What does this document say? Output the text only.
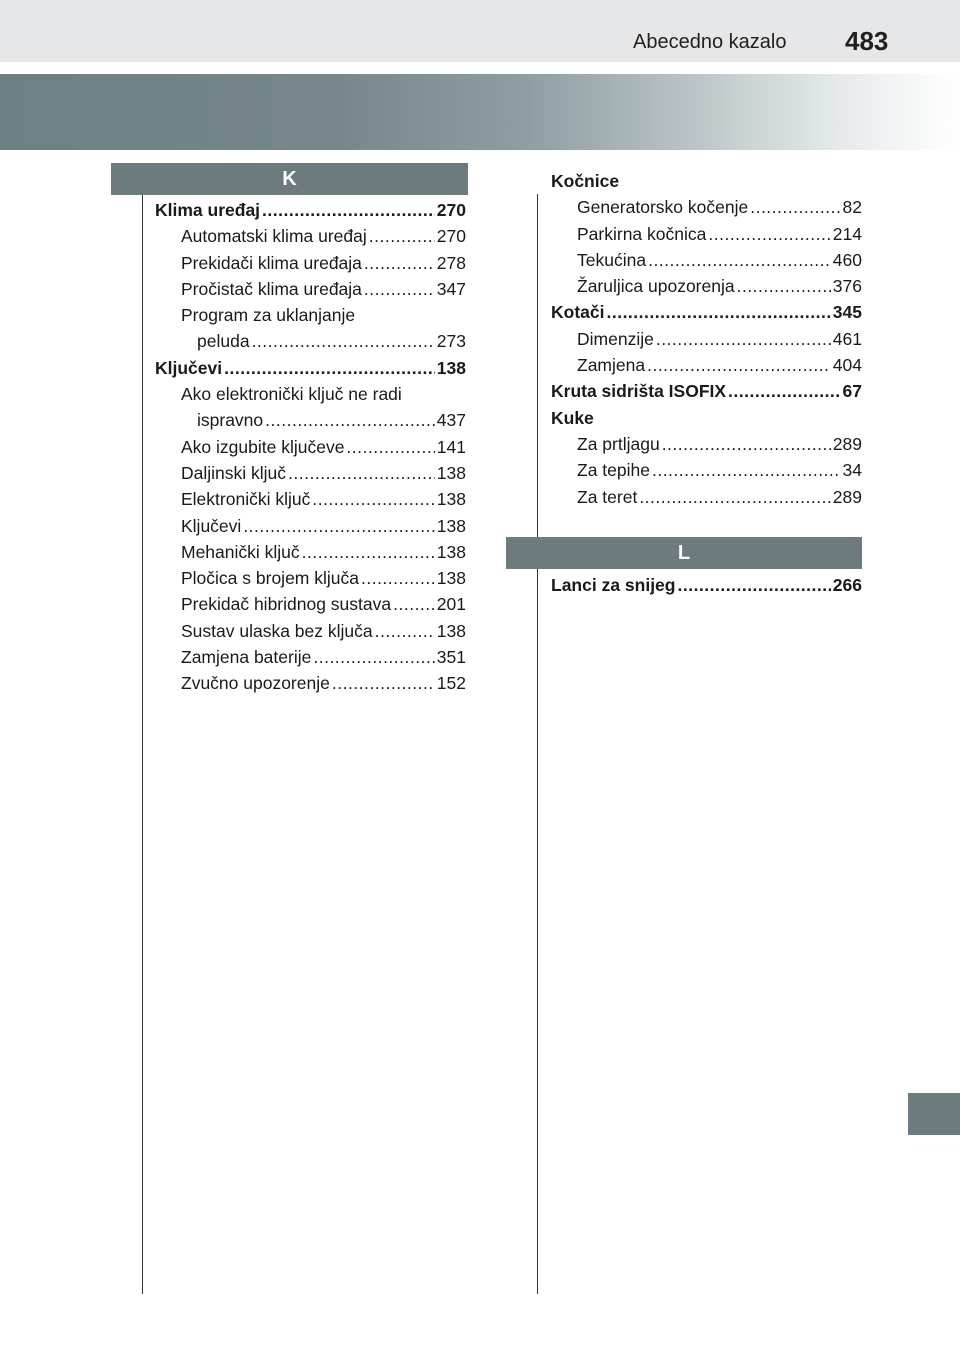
Abecedno kazalo 483
K
L
Klima uređaj .....	270
Automatski klima uređaj .....	270
Prekidači klima uređaja .....	278
Pročistač klima uređaja .....	347
Program za uklanjanje
peluda .....	273
Ključevi .....	138
Ako elektronički ključ ne radi
ispravno .....	437
Ako izgubite ključeve .....	141
Daljinski ključ .....	138
Elektronički ključ .....	138
Ključevi .....	138
Mehanički ključ .....	138
Pločica s brojem ključa .....	138
Prekidač hibridnog sustava .....	201
Sustav ulaska bez ključa .....	138
Zamjena baterije .....	351
Zvučno upozorenje .....	152
Kočnice
Generatorsko kočenje .....	82
Parkirna kočnica .....	214
Tekućina .....	460
Žaruljica upozorenja .....	376
Kotači .....	345
Dimenzije .....	461
Zamjena .....	404
Kruta sidrišta ISOFIX .....	67
Kuke
Za prtljagu .....	289
Za tepihe .....	34
Za teret .....	289
Lanci za snijeg .....	266
